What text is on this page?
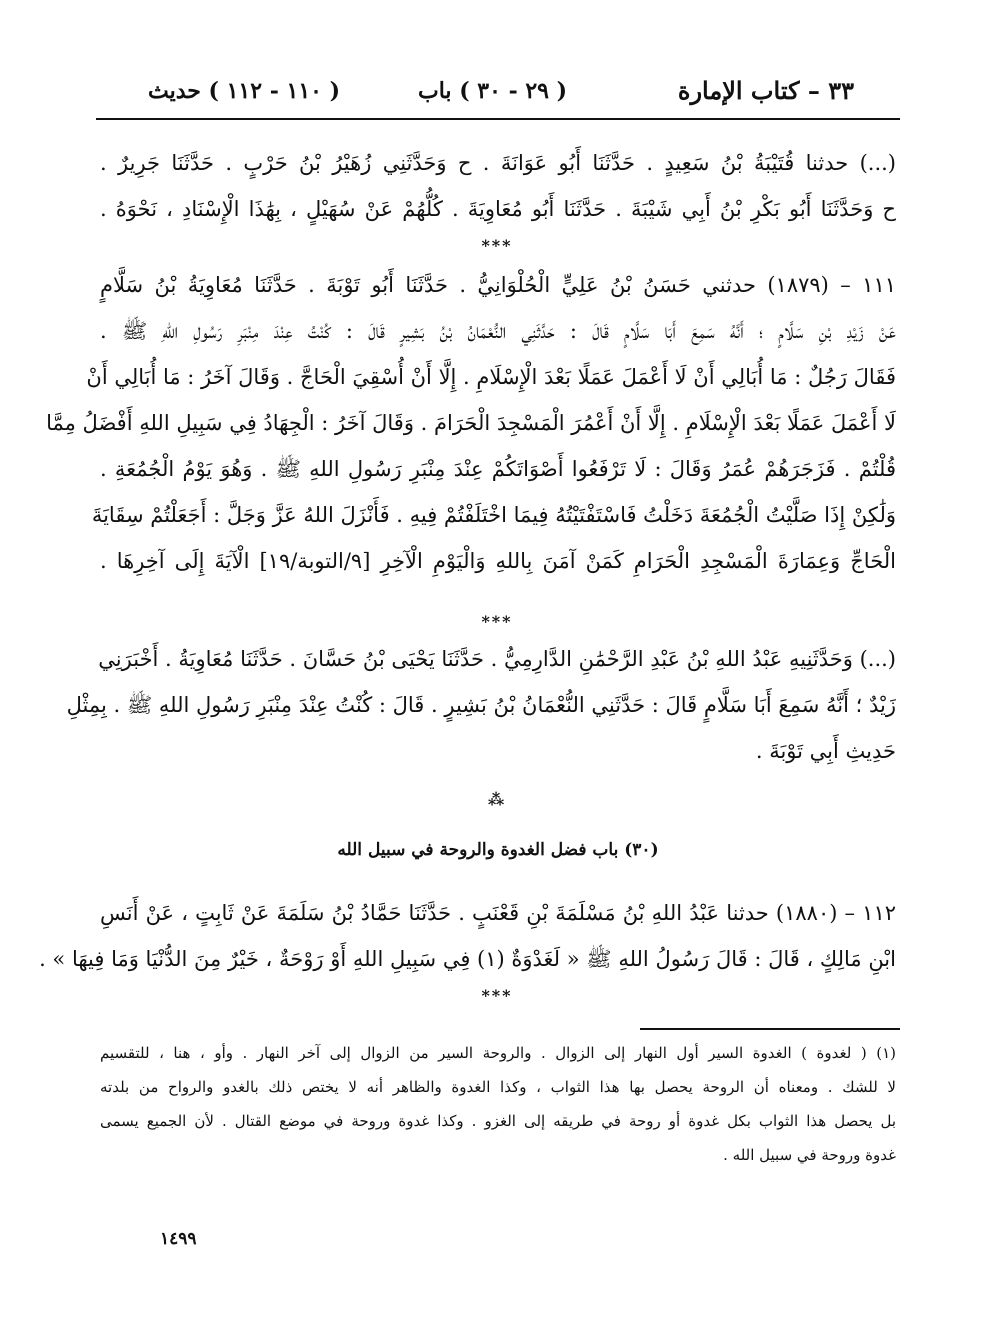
٣٣ – كتاب الإمارة
( ٢٩ - ٣٠ ) باب
( ١١٠ - ١١٢ ) حديث
(...) حدثنا قُتَيْبَةُ بْنُ سَعِيدٍ . حَدَّثَنَا أَبُو عَوَانَةَ . ح وَحَدَّثَنِي زُهَيْرُ بْنُ حَرْبٍ . حَدَّثَنَا جَرِيرٌ .
ح وَحَدَّثَنَا أَبُو بَكْرِ بْنُ أَبِي شَيْبَةَ . حَدَّثَنَا أَبُو مُعَاوِيَةَ . كُلُّهُمْ عَنْ سُهَيْلٍ ، بِهَٰذَا الْإِسْنَادِ ، نَحْوَهُ .
***
١١١ – (١٨٧٩) حدثني حَسَنُ بْنُ عَلِيٍّ الْحُلْوَانِيُّ . حَدَّثَنَا أَبُو تَوْبَةَ . حَدَّثَنَا مُعَاوِيَةُ بْنُ سَلَّامٍ
عَنْ زَيْدِ بْنِ سَلَّامٍ ؛ أَنَّهُ سَمِعَ أَبَا سَلَّامٍ قَالَ : حَدَّثَنِي النُّعْمَانُ بْنُ بَشِيرٍ قَالَ : كُنْتُ عِنْدَ مِنْبَرِ رَسُولِ اللهِ ﷺ .
فَقَالَ رَجُلٌ : مَا أُبَالِي أَنْ لَا أَعْمَلَ عَمَلًا بَعْدَ الْإِسْلَامِ . إِلَّا أَنْ أُسْقِيَ الْحَاجَّ . وَقَالَ آخَرُ : مَا أُبَالِي أَنْ
لَا أَعْمَلَ عَمَلًا بَعْدَ الْإِسْلَامِ . إِلَّا أَنْ أَعْمُرَ الْمَسْجِدَ الْحَرَامَ . وَقَالَ آخَرُ : الْجِهَادُ فِي سَبِيلِ اللهِ أَفْضَلُ مِمَّا
قُلْتُمْ . فَزَجَرَهُمْ عُمَرُ وَقَالَ : لَا تَرْفَعُوا أَصْوَاتَكُمْ عِنْدَ مِنْبَرِ رَسُولِ اللهِ ﷺ . وَهُوَ يَوْمُ الْجُمُعَةِ .
وَلَٰكِنْ إِذَا صَلَّيْتُ الْجُمُعَةَ دَخَلْتُ فَاسْتَفْتَيْتُهُ فِيمَا اخْتَلَفْتُمْ فِيهِ . فَأَنْزَلَ اللهُ عَزَّ وَجَلَّ : أَجَعَلْتُمْ سِقَايَةَ
الْحَاجِّ وَعِمَارَةَ الْمَسْجِدِ الْحَرَامِ كَمَنْ آمَنَ بِاللهِ وَالْيَوْمِ الْآخِرِ [٩/التوبة/١٩] الْآيَةَ إِلَى آخِرِهَا .
***
(...) وَحَدَّثَنِيهِ عَبْدُ اللهِ بْنُ عَبْدِ الرَّحْمَٰنِ الدَّارِمِيُّ . حَدَّثَنَا يَحْيَى بْنُ حَسَّانَ . حَدَّثَنَا مُعَاوِيَةُ . أَخْبَرَنِي
زَيْدٌ ؛ أَنَّهُ سَمِعَ أَبَا سَلَّامٍ قَالَ : حَدَّثَنِي النُّعْمَانُ بْنُ بَشِيرٍ . قَالَ : كُنْتُ عِنْدَ مِنْبَرِ رَسُولِ اللهِ ﷺ . بِمِثْلِ
حَدِيثِ أَبِي تَوْبَةَ .
⁂
(٣٠) باب فضل الغدوة والروحة في سبيل الله
١١٢ – (١٨٨٠) حدثنا عَبْدُ اللهِ بْنُ مَسْلَمَةَ بْنِ قَعْنَبٍ . حَدَّثَنَا حَمَّادُ بْنُ سَلَمَةَ عَنْ ثَابِتٍ ، عَنْ أَنَسِ
ابْنِ مَالِكٍ ، قَالَ : قَالَ رَسُولُ اللهِ ﷺ « لَغَدْوَةٌ (١) فِي سَبِيلِ اللهِ أَوْ رَوْحَةٌ ، خَيْرٌ مِنَ الدُّنْيَا وَمَا فِيهَا » .
***
(١) ( لغدوة ) الغدوة السير أول النهار إلى الزوال . والروحة السير من الزوال إلى آخر النهار . وأو ، هنا ، للتقسيم
لا للشك . ومعناه أن الروحة يحصل بها هذا الثواب ، وكذا الغدوة والظاهر أنه لا يختص ذلك بالغدو والرواح من بلدته
بل يحصل هذا الثواب بكل غدوة أو روحة في طريقه إلى الغزو . وكذا غدوة وروحة في موضع القتال . لأن الجميع يسمى
غدوة وروحة في سبيل الله .
١٤٩٩
